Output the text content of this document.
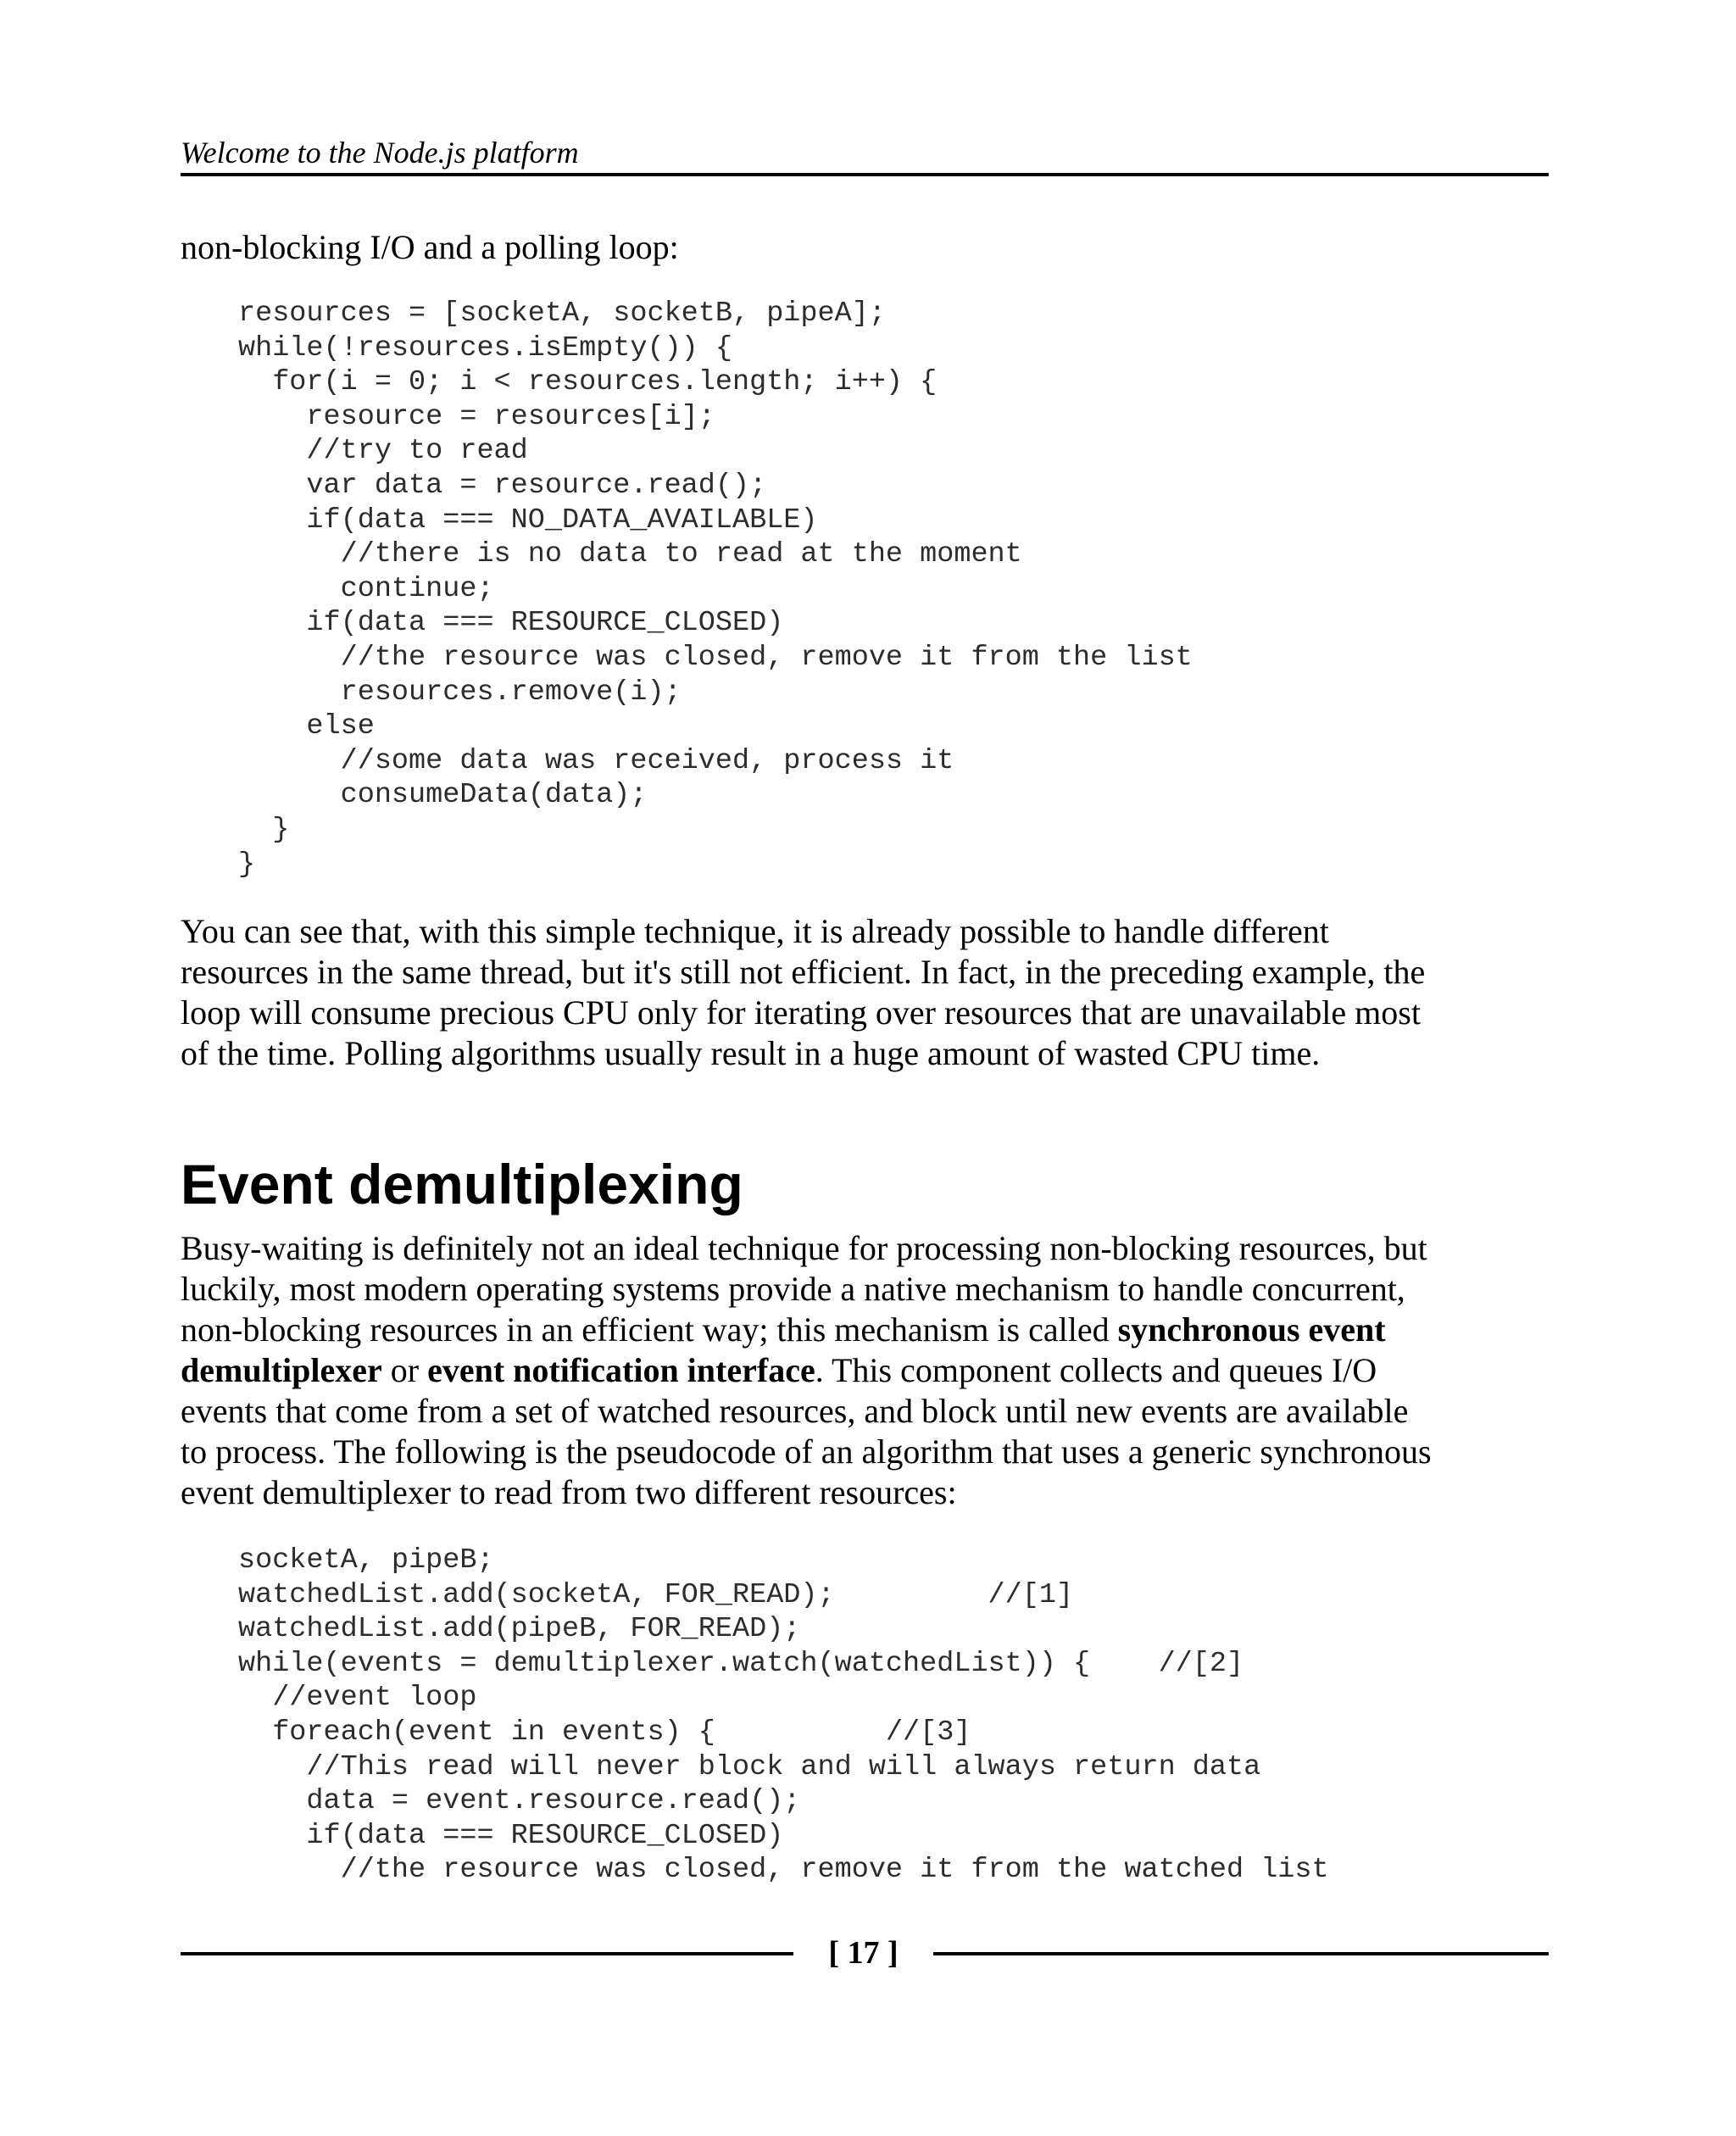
Welcome to the Node.js platform
non-blocking I/O and a polling loop:
resources = [socketA, socketB, pipeA];
while(!resources.isEmpty()) {
for(i = 0; i < resources.length; i++) {
resource = resources[i];
//try to read
var data = resource.read();
if(data === NO_DATA_AVAILABLE)
//there is no data to read at the moment
continue;
if(data === RESOURCE_CLOSED)
//the resource was closed, remove it from the list
resources.remove(i);
else
//some data was received, process it
consumeData(data);
}
}
You can see that, with this simple technique, it is already possible to handle different
resources in the same thread, but it's still not efficient. In fact, in the preceding example, the
loop will consume precious CPU only for iterating over resources that are unavailable most
of the time. Polling algorithms usually result in a huge amount of wasted CPU time.
Event demultiplexing
Busy-waiting is definitely not an ideal technique for processing non-blocking resources, but
luckily, most modern operating systems provide a native mechanism to handle concurrent,
non-blocking resources in an efficient way; this mechanism is called synchronous event
demultiplexer or event notification interface. This component collects and queues I/O
events that come from a set of watched resources, and block until new events are available
to process. The following is the pseudocode of an algorithm that uses a generic synchronous
event demultiplexer to read from two different resources:
socketA, pipeB;
watchedList.add(socketA, FOR_READ);         //[1]
watchedList.add(pipeB, FOR_READ);
while(events = demultiplexer.watch(watchedList)) {    //[2]
//event loop
foreach(event in events) {          //[3]
//This read will never block and will always return data
data = event.resource.read();
if(data === RESOURCE_CLOSED)
//the resource was closed, remove it from the watched list
[ 17 ]
